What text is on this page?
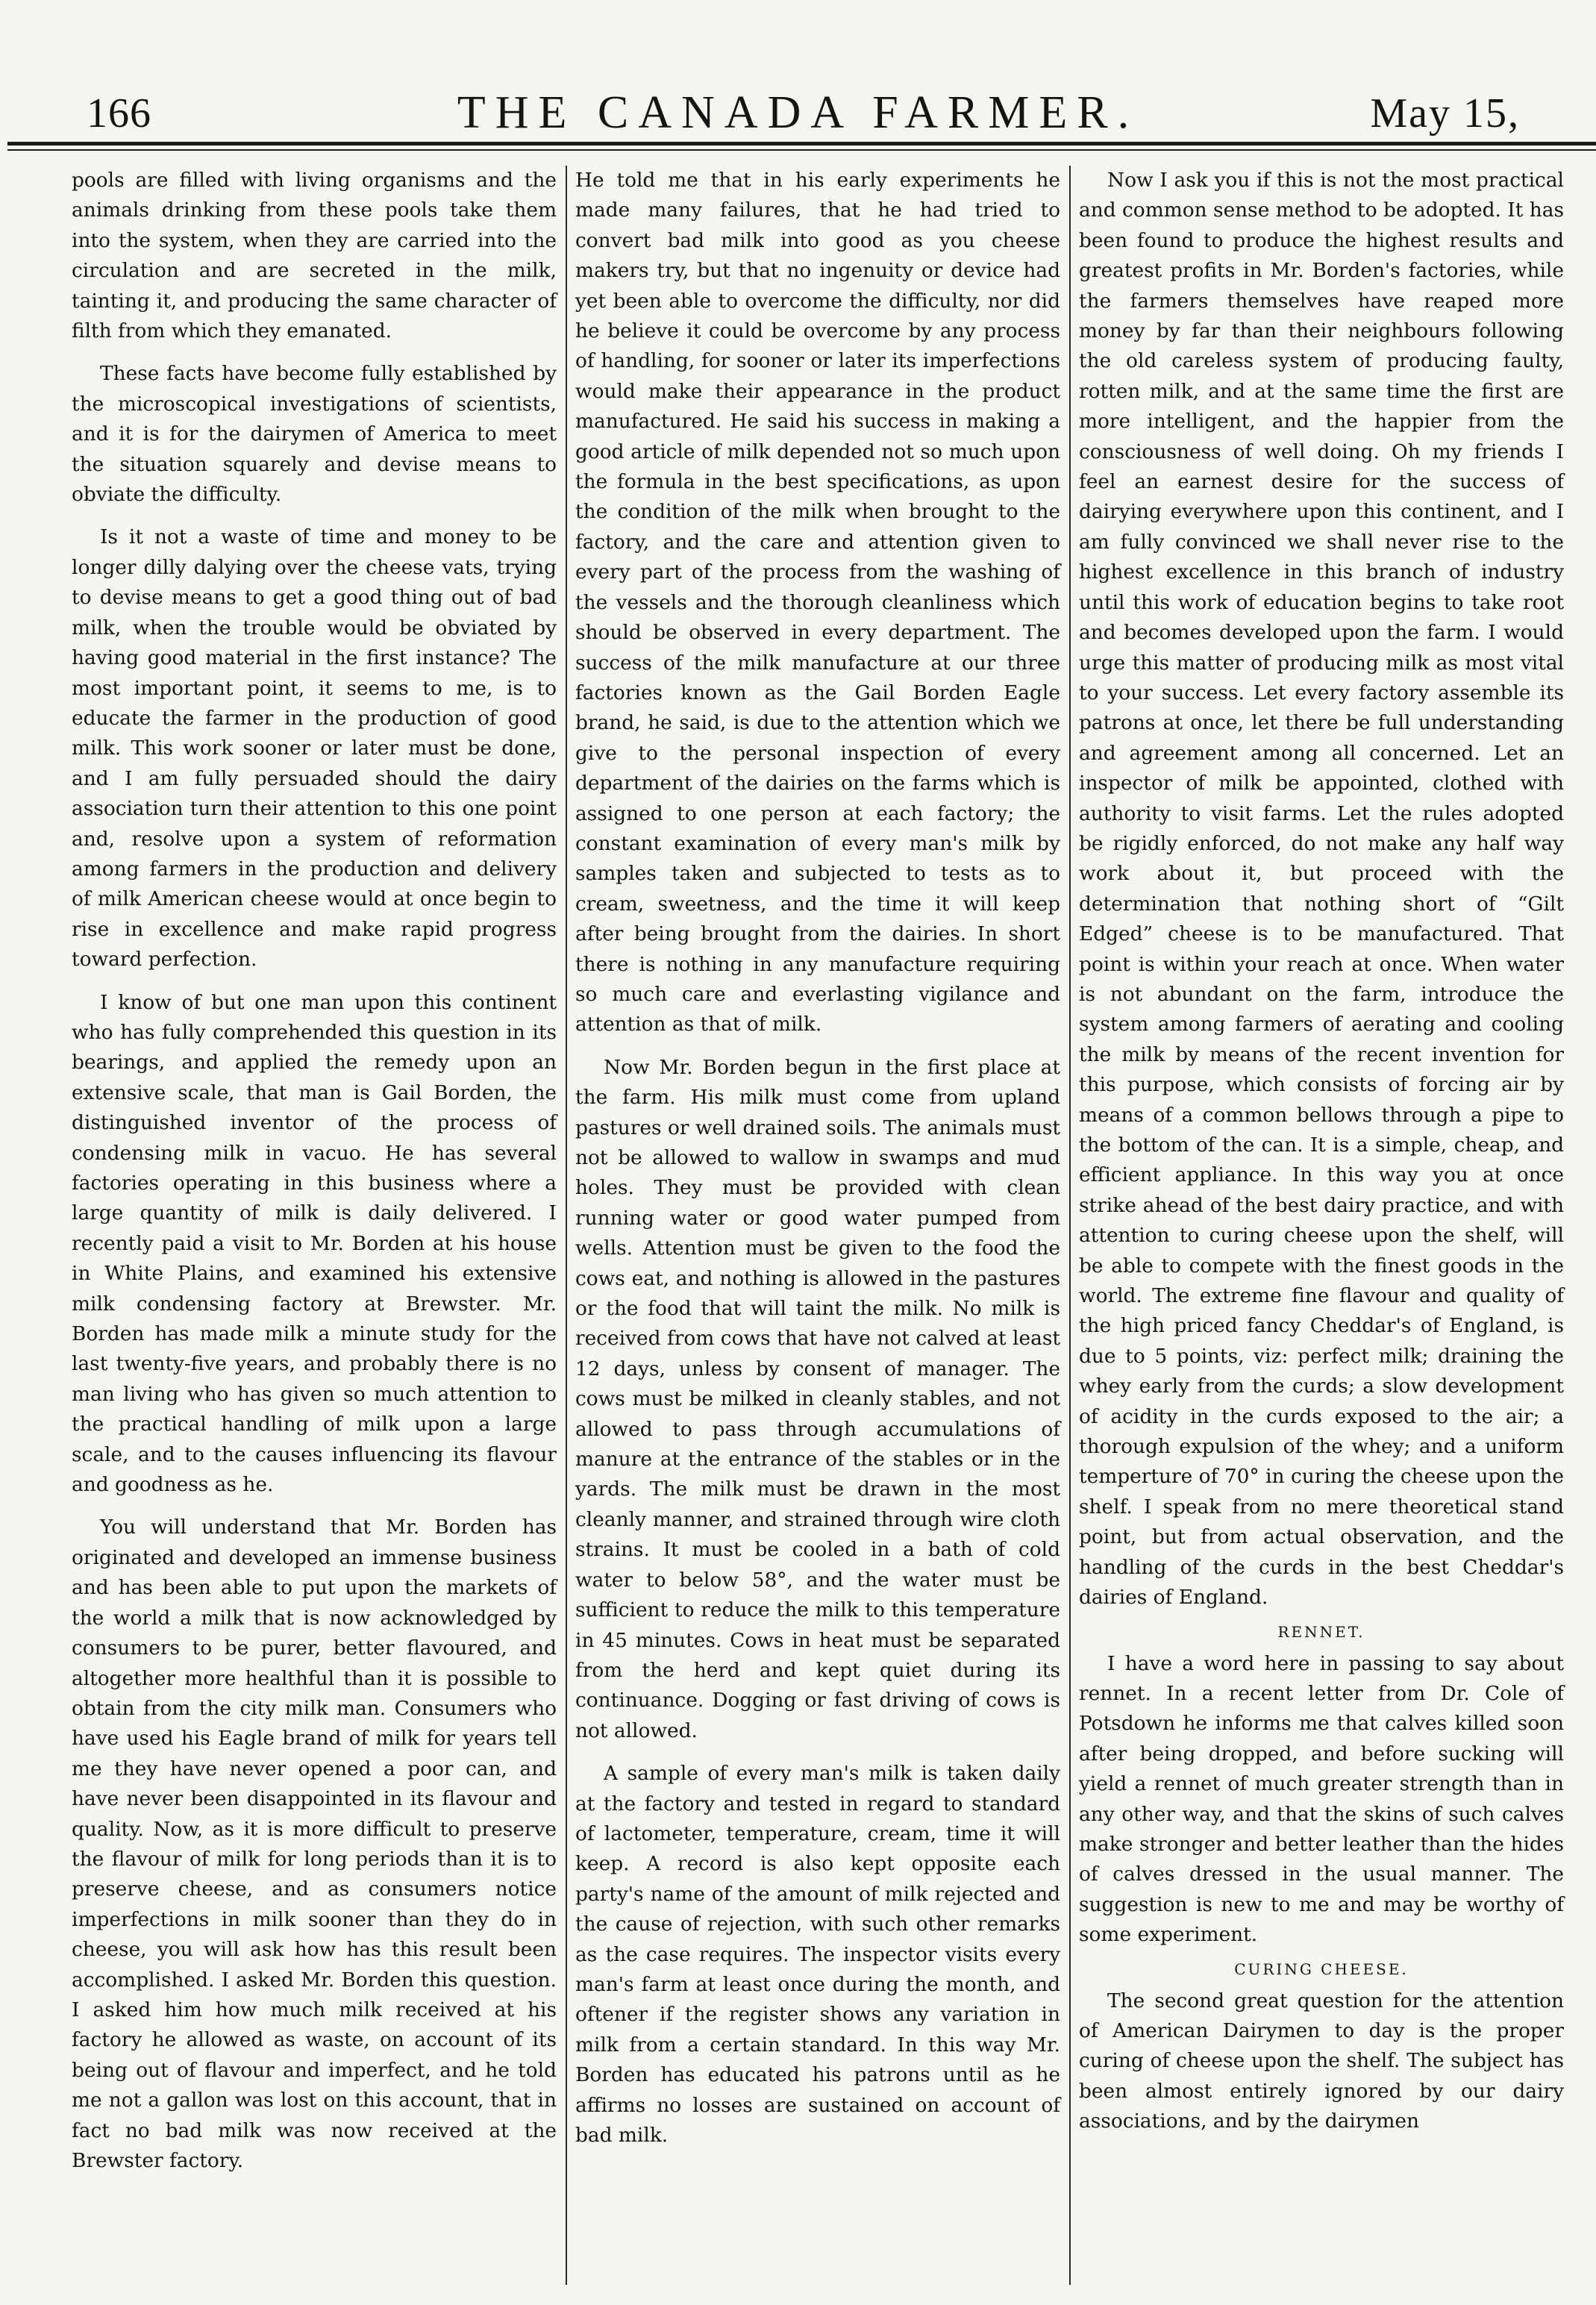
166	THE CANADA FARMER.	May 15,

pools are filled with living organisms and the animals drinking from these pools take them into the system, when they are carried into the circulation and are secreted in the milk, tainting it, and producing the same character of filth from which they emanated.

These facts have become fully established by the microscopical investigations of scientists, and it is for the dairymen of America to meet the situation squarely and devise means to obviate the difficulty.

Is it not a waste of time and money to be longer dilly dalying over the cheese vats, trying to devise means to get a good thing out of bad milk, when the trouble would be obviated by having good material in the first instance? The most important point, it seems to me, is to educate the farmer in the production of good milk. This work sooner or later must be done, and I am fully persuaded should the dairy association turn their attention to this one point and, resolve upon a system of reformation among farmers in the production and delivery of milk American cheese would at once begin to rise in excellence and make rapid progress toward perfection.

I know of but one man upon this continent who has fully comprehended this question in its bearings, and applied the remedy upon an extensive scale, that man is Gail Borden, the distinguished inventor of the process of condensing milk in vacuo. He has several factories operating in this business where a large quantity of milk is daily delivered. I recently paid a visit to Mr. Borden at his house in White Plains, and examined his extensive milk condensing factory at Brewster. Mr. Borden has made milk a minute study for the last twenty-five years, and probably there is no man living who has given so much attention to the practical handling of milk upon a large scale, and to the causes influencing its flavour and goodness as he.

You will understand that Mr. Borden has originated and developed an immense business and has been able to put upon the markets of the world a milk that is now acknowledged by consumers to be purer, better flavoured, and altogether more healthful than it is possible to obtain from the city milk man. Consumers who have used his Eagle brand of milk for years tell me they have never opened a poor can, and have never been disappointed in its flavour and quality. Now, as it is more difficult to preserve the flavour of milk for long periods than it is to preserve cheese, and as consumers notice imperfections in milk sooner than they do in cheese, you will ask how has this result been accomplished. I asked Mr. Borden this question. I asked him how much milk received at his factory he allowed as waste, on account of its being out of flavour and imperfect, and he told me not a gallon was lost on this account, that in fact no bad milk was now received at the Brewster factory.

He told me that in his early experiments he made many failures, that he had tried to convert bad milk into good as you cheese makers try, but that no ingenuity or device had yet been able to overcome the difficulty, nor did he believe it could be overcome by any process of handling, for sooner or later its imperfections would make their appearance in the product manufactured. He said his success in making a good article of milk depended not so much upon the formula in the best specifications, as upon the condition of the milk when brought to the factory, and the care and attention given to every part of the process from the washing of the vessels and the thorough cleanliness which should be observed in every department. The success of the milk manufacture at our three factories known as the Gail Borden Eagle brand, he said, is due to the attention which we give to the personal inspection of every department of the dairies on the farms which is assigned to one person at each factory; the constant examination of every man's milk by samples taken and subjected to tests as to cream, sweetness, and the time it will keep after being brought from the dairies. In short there is nothing in any manufacture requiring so much care and everlasting vigilance and attention as that of milk.

Now Mr. Borden begun in the first place at the farm. His milk must come from upland pastures or well drained soils. The animals must not be allowed to wallow in swamps and mud holes. They must be provided with clean running water or good water pumped from wells. Attention must be given to the food the cows eat, and nothing is allowed in the pastures or the food that will taint the milk. No milk is received from cows that have not calved at least 12 days, unless by consent of manager. The cows must be milked in cleanly stables, and not allowed to pass through accumulations of manure at the entrance of the stables or in the yards. The milk must be drawn in the most cleanly manner, and strained through wire cloth strains. It must be cooled in a bath of cold water to below 58°, and the water must be sufficient to reduce the milk to this temperature in 45 minutes. Cows in heat must be separated from the herd and kept quiet during its continuance. Dogging or fast driving of cows is not allowed.

A sample of every man's milk is taken daily at the factory and tested in regard to standard of lactometer, temperature, cream, time it will keep. A record is also kept opposite each party's name of the amount of milk rejected and the cause of rejection, with such other remarks as the case requires. The inspector visits every man's farm at least once during the month, and oftener if the register shows any variation in milk from a certain standard. In this way Mr. Borden has educated his patrons until as he affirms no losses are sustained on account of bad milk.

Now I ask you if this is not the most practical and common sense method to be adopted. It has been found to produce the highest results and greatest profits in Mr. Borden's factories, while the farmers themselves have reaped more money by far than their neighbours following the old careless system of producing faulty, rotten milk, and at the same time the first are more intelligent, and the happier from the consciousness of well doing. Oh my friends I feel an earnest desire for the success of dairying everywhere upon this continent, and I am fully convinced we shall never rise to the highest excellence in this branch of industry until this work of education begins to take root and becomes developed upon the farm. I would urge this matter of producing milk as most vital to your success. Let every factory assemble its patrons at once, let there be full understanding and agreement among all concerned. Let an inspector of milk be appointed, clothed with authority to visit farms. Let the rules adopted be rigidly enforced, do not make any half way work about it, but proceed with the determination that nothing short of “Gilt Edged” cheese is to be manufactured. That point is within your reach at once. When water is not abundant on the farm, introduce the system among farmers of aerating and cooling the milk by means of the recent invention for this purpose, which consists of forcing air by means of a common bellows through a pipe to the bottom of the can. It is a simple, cheap, and efficient appliance. In this way you at once strike ahead of the best dairy practice, and with attention to curing cheese upon the shelf, will be able to compete with the finest goods in the world. The extreme fine flavour and quality of the high priced fancy Cheddar's of England, is due to 5 points, viz: perfect milk; draining the whey early from the curds; a slow development of acidity in the curds exposed to the air; a thorough expulsion of the whey; and a uniform temperture of 70° in curing the cheese upon the shelf. I speak from no mere theoretical stand point, but from actual observation, and the handling of the curds in the best Cheddar's dairies of England.

RENNET.

I have a word here in passing to say about rennet. In a recent letter from Dr. Cole of Potsdown he informs me that calves killed soon after being dropped, and before sucking will yield a rennet of much greater strength than in any other way, and that the skins of such calves make stronger and better leather than the hides of calves dressed in the usual manner. The suggestion is new to me and may be worthy of some experiment.

CURING CHEESE.

The second great question for the attention of American Dairymen to day is the proper curing of cheese upon the shelf. The subject has been almost entirely ignored by our dairy associations, and by the dairymen
